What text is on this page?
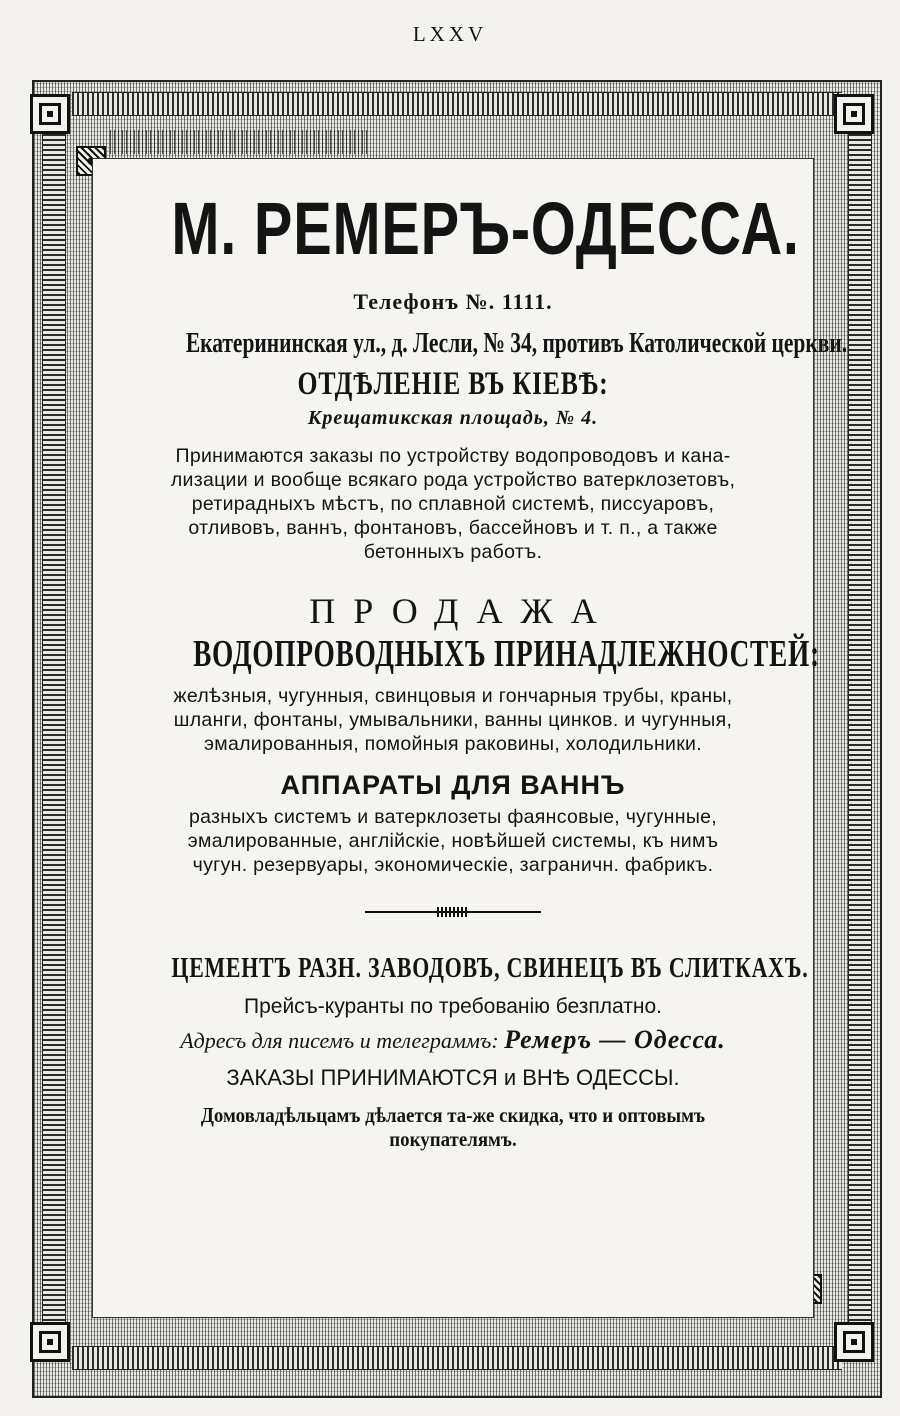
LXXV
М. РЕМЕРЪ-ОДЕССА.
Телефонъ №. 1111.
Екатерининская ул., д. Лесли, № 34, противъ Католической церкви.
ОТДѢЛЕНІЕ ВЪ КІЕВѢ:
Крещатикская площадь, № 4.
Принимаются заказы по устройству водопроводовъ и кана-
лизации и вообще всякаго рода устройство ватерклозетовъ,
ретирадныхъ мѣстъ, по сплавной системѣ, писсуаровъ,
отливовъ, ваннъ, фонтановъ, бассейновъ и т. п., а также
бетонныхъ работъ.
ПРОДАЖА
ВОДОПРОВОДНЫХЪ ПРИНАДЛЕЖНОСТЕЙ:
желѣзныя, чугунныя, свинцовыя и гончарныя трубы, краны,
шланги, фонтаны, умывальники, ванны цинков. и чугунныя,
эмалированныя, помойныя раковины, холодильники.
АППАРАТЫ ДЛЯ ВАННЪ
разныхъ системъ и ватерклозеты фаянсовые, чугунные,
эмалированные, англійскіе, новѣйшей системы, къ нимъ
чугун. резервуары, экономическіе, заграничн. фабрикъ.
ЦЕМЕНТЪ РАЗН. ЗАВОДОВЪ, СВИНЕЦЪ ВЪ СЛИТКАХЪ.
Прейсъ-куранты по требованію безплатно.
Адресъ для писемъ и телеграммъ: Ремеръ — Одесса.
ЗАКАЗЫ ПРИНИМАЮТСЯ и ВНѢ ОДЕССЫ.
Домовладѣльцамъ дѣлается та-же скидка, что и оптовымъ
покупателямъ.
